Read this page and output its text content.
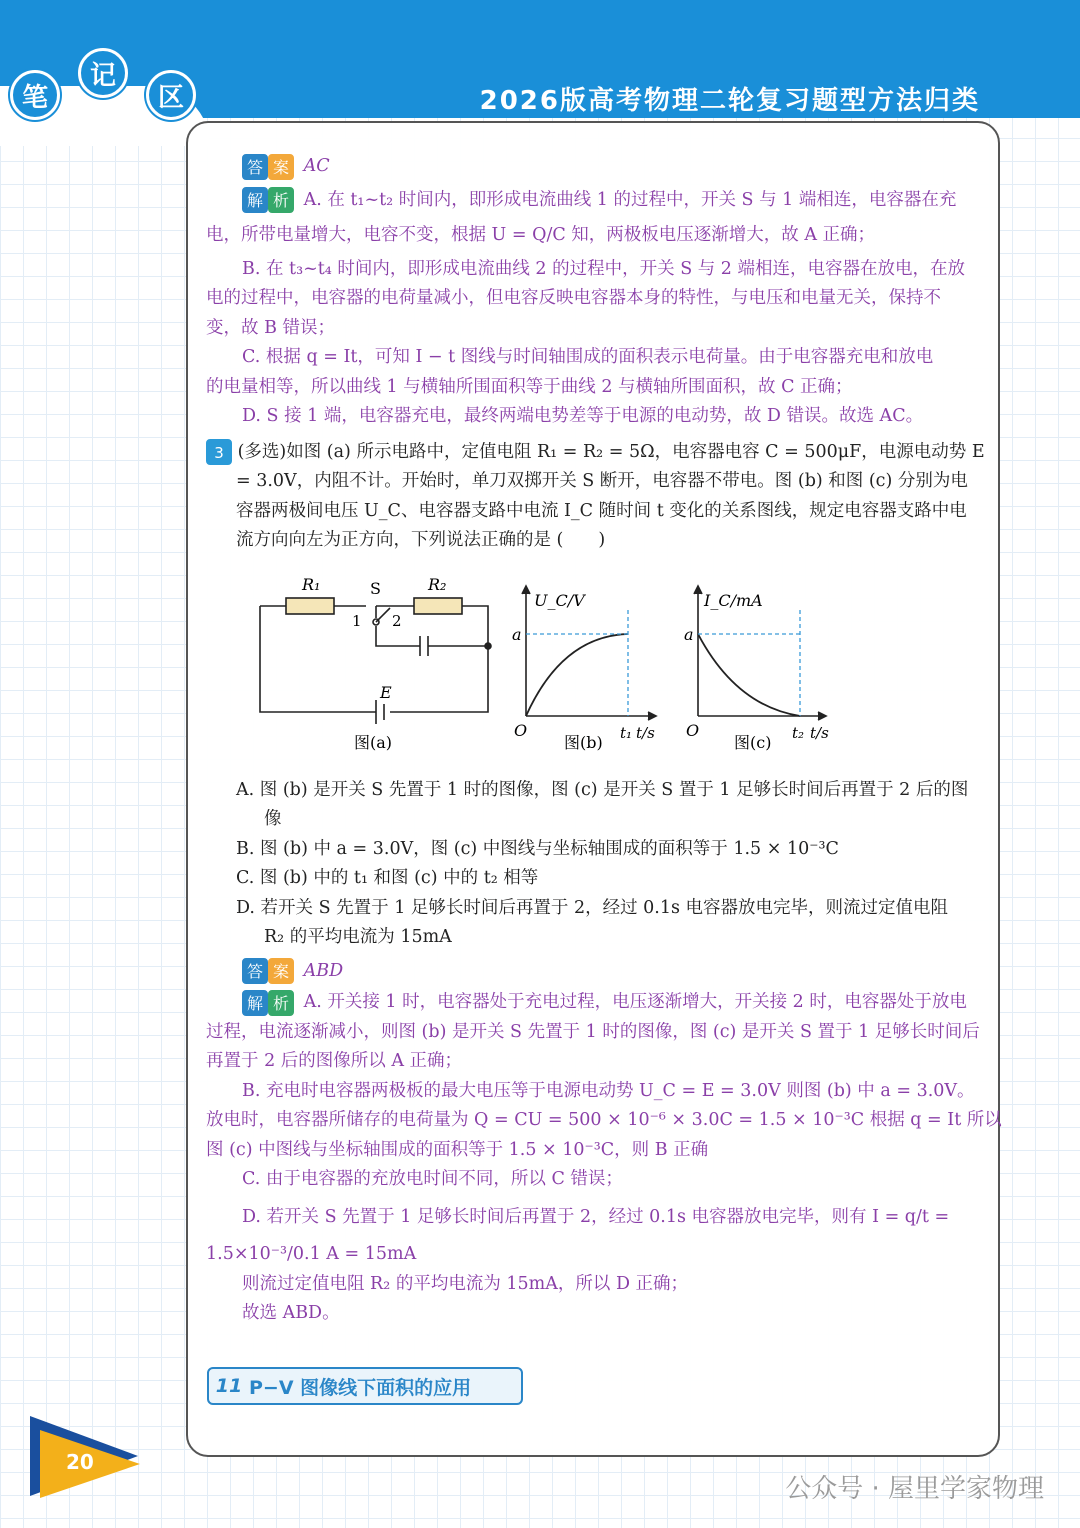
笔
记
区	2026版高考物理二轮复习题型方法归类
答 案 AC
解 析 A. 在 t₁~t₂ 时间内，即形成电流曲线 1 的过程中，开关 S 与 1 端相连，电容器在充
电，所带电量增大，电容不变，根据 U = Q/C 知，两极板电压逐渐增大，故 A 正确；
B. 在 t₃~t₄ 时间内，即形成电流曲线 2 的过程中，开关 S 与 2 端相连，电容器在放电，在放
电的过程中，电容器的电荷量减小，但电容反映电容器本身的特性，与电压和电量无关，保持不
变，故 B 错误；
C. 根据 q = It，可知 I − t 图线与时间轴围成的面积表示电荷量。由于电容器充电和放电
的电量相等，所以曲线 1 与横轴所围面积等于曲线 2 与横轴所围面积，故 C 正确；
D. S 接 1 端，电容器充电，最终两端电势差等于电源的电动势，故 D 错误。故选 AC。
3 (多选)如图 (a) 所示电路中，定值电阻 R₁ = R₂ = 5Ω，电容器电容 C = 500μF，电源电动势 E
= 3.0V，内阻不计。开始时，单刀双掷开关 S 断开，电容器不带电。图 (b) 和图 (c) 分别为电
容器两极间电压 U_C、电容器支路中电流 I_C 随时间 t 变化的关系图线，规定电容器支路中电
流方向向左为正方向，下列说法正确的是 (　　)
R₁	S	R₂
1 2
E
图(a)
U_C/V
a
O	t₁ t/s
图(b)
I_C/mA
a
O	t₂ t/s
图(c)
A. 图 (b) 是开关 S 先置于 1 时的图像，图 (c) 是开关 S 置于 1 足够长时间后再置于 2 后的图
像
B. 图 (b) 中 a = 3.0V，图 (c) 中图线与坐标轴围成的面积等于 1.5 × 10⁻³C
C. 图 (b) 中的 t₁ 和图 (c) 中的 t₂ 相等
D. 若开关 S 先置于 1 足够长时间后再置于 2，经过 0.1s 电容器放电完毕，则流过定值电阻
R₂ 的平均电流为 15mA
答 案 ABD
解 析 A. 开关接 1 时，电容器处于充电过程，电压逐渐增大，开关接 2 时，电容器处于放电
过程，电流逐渐减小，则图 (b) 是开关 S 先置于 1 时的图像，图 (c) 是开关 S 置于 1 足够长时间后
再置于 2 后的图像所以 A 正确；
B. 充电时电容器两极板的最大电压等于电源电动势 U_C = E = 3.0V 则图 (b) 中 a = 3.0V。
放电时，电容器所储存的电荷量为 Q = CU = 500 × 10⁻⁶ × 3.0C = 1.5 × 10⁻³C 根据 q = It 所以
图 (c) 中图线与坐标轴围成的面积等于 1.5 × 10⁻³C，则 B 正确
C. 由于电容器的充放电时间不同，所以 C 错误；
D. 若开关 S 先置于 1 足够长时间后再置于 2，经过 0.1s 电容器放电完毕，则有 I = q/t =
1.5×10⁻³/0.1 A = 15mA
则流过定值电阻 R₂ 的平均电流为 15mA，所以 D 正确；
故选 ABD。
11 P−V 图像线下面积的应用
20
公众号 · 屋里学家物理
